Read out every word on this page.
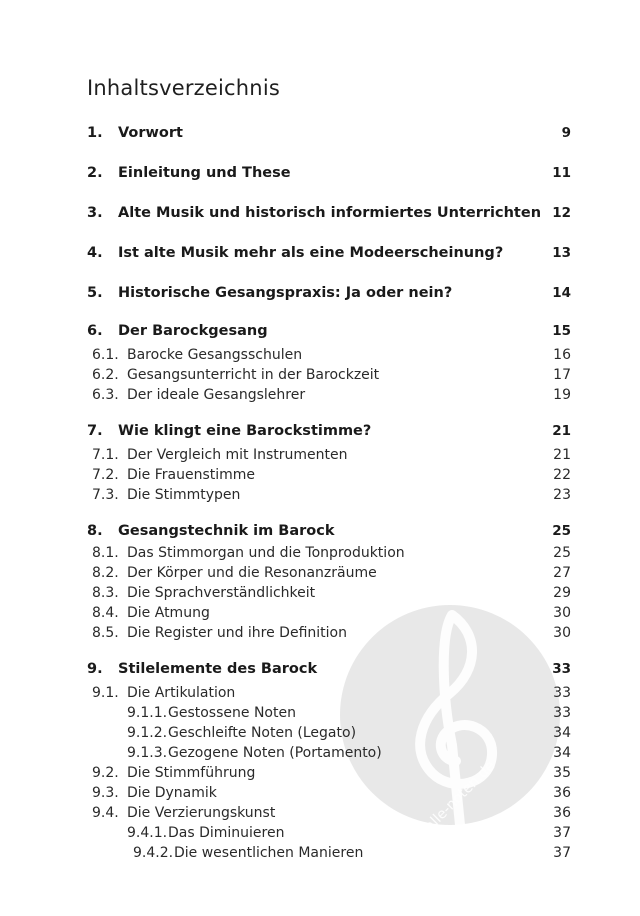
alle-noten.de
Inhaltsverzeichnis
1. Vorwort	9
2. Einleitung und These	11
3. Alte Musik und historisch informiertes Unterrichten 12
4. Ist alte Musik mehr als eine Modeerscheinung?	13
5. Historische Gesangspraxis: Ja oder nein?	14
6. Der Barockgesang	15
6.1. Barocke Gesangsschulen	16
6.2. Gesangsunterricht in der Barockzeit	17
6.3. Der ideale Gesangslehrer	19
7. Wie klingt eine Barockstimme?	21
7.1. Der Vergleich mit Instrumenten	21
7.2. Die Frauenstimme	22
7.3. Die Stimmtypen	23
8. Gesangstechnik im Barock	25
8.1. Das Stimmorgan und die Tonproduktion	25
8.2. Der Körper und die Resonanzräume	27
8.3. Die Sprachverständlichkeit	29
8.4. Die Atmung	30
8.5. Die Register und ihre Definition	30
9. Stilelemente des Barock	33
9.1. Die Artikulation	33
9.1.1. Gestossene Noten	33
9.1.2. Geschleifte Noten (Legato)	34
9.1.3. Gezogene Noten (Portamento)	34
9.2. Die Stimmführung	35
9.3. Die Dynamik	36
9.4. Die Verzierungskunst	36
9.4.1. Das Diminuieren	37
9.4.2. Die wesentlichen Manieren	37
